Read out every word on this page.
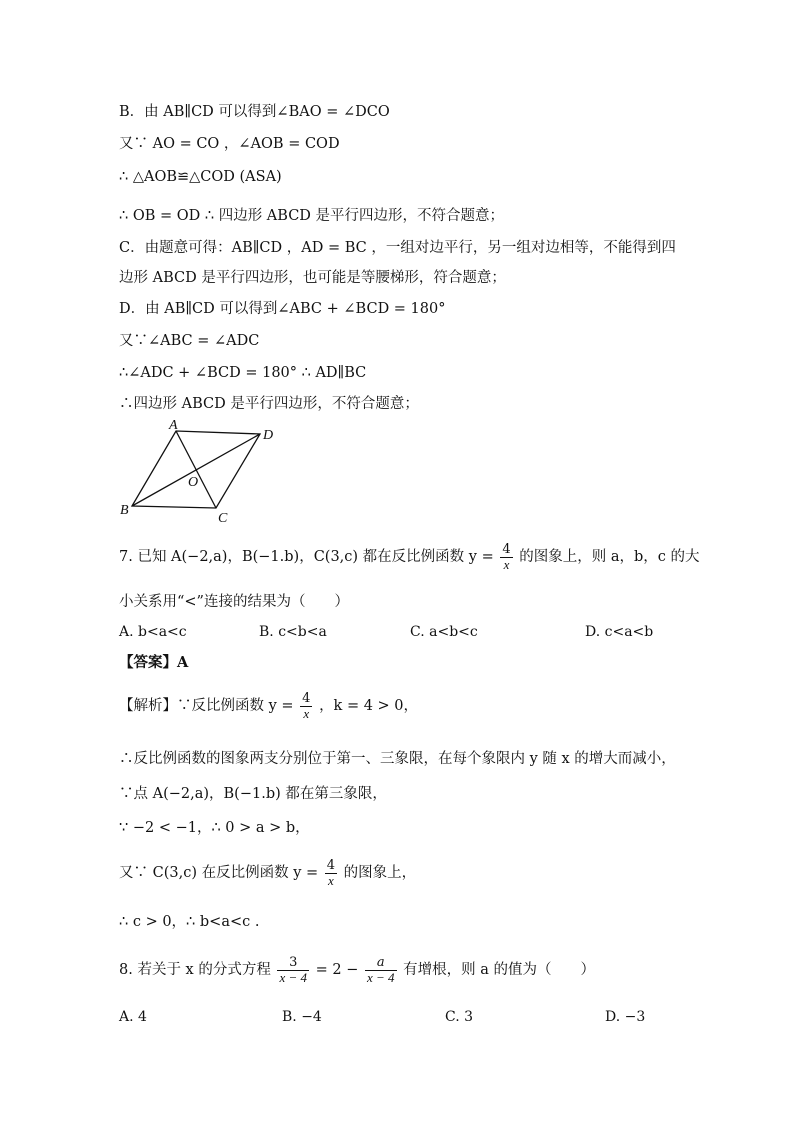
B．由 AB∥CD 可以得到∠BAO = ∠DCO
又∵ AO = CO ，∠AOB = COD
∴ △AOB≌△COD (ASA)
∴ OB = OD ∴ 四边形 ABCD 是平行四边形，不符合题意；
C．由题意可得：AB∥CD ，AD = BC ，一组对边平行，另一组对边相等，不能得到四
边形 ABCD 是平行四边形，也可能是等腰梯形，符合题意；
D．由 AB∥CD 可以得到∠ABC + ∠BCD = 180°
又∵∠ABC = ∠ADC
∴∠ADC + ∠BCD = 180° ∴ AD∥BC
∴四边形 ABCD 是平行四边形，不符合题意；
A
D
O
B
C
7. 已知 A(−2,a)，B(−1.b)，C(3,c) 都在反比例函数 $y = \frac{4}{x}$ 的图象上，则 a，b，c 的大
小关系用“<”连接的结果为（　　）
A. b<a<c	B. c<b<a	C. a<b<c	D. c<a<b
【答案】A
【解析】∵反比例函数 $y = \frac{4}{x}$ ，k = 4 > 0，
∴反比例函数的图象两支分别位于第一、三象限，在每个象限内 y 随 x 的增大而减小，
∵点 A(−2,a)，B(−1.b) 都在第三象限，
∵ −2 < −1，∴ 0 > a > b，
又∵ C(3,c) 在反比例函数 $y = \frac{4}{x}$ 的图象上，
∴ c > 0，∴ b<a<c .
8. 若关于 x 的分式方程 $\frac{3}{x - 4} = 2 - \frac{a}{x - 4}$ 有增根，则 a 的值为（　　）
A. 4	B. −4	C. 3	D. −3
